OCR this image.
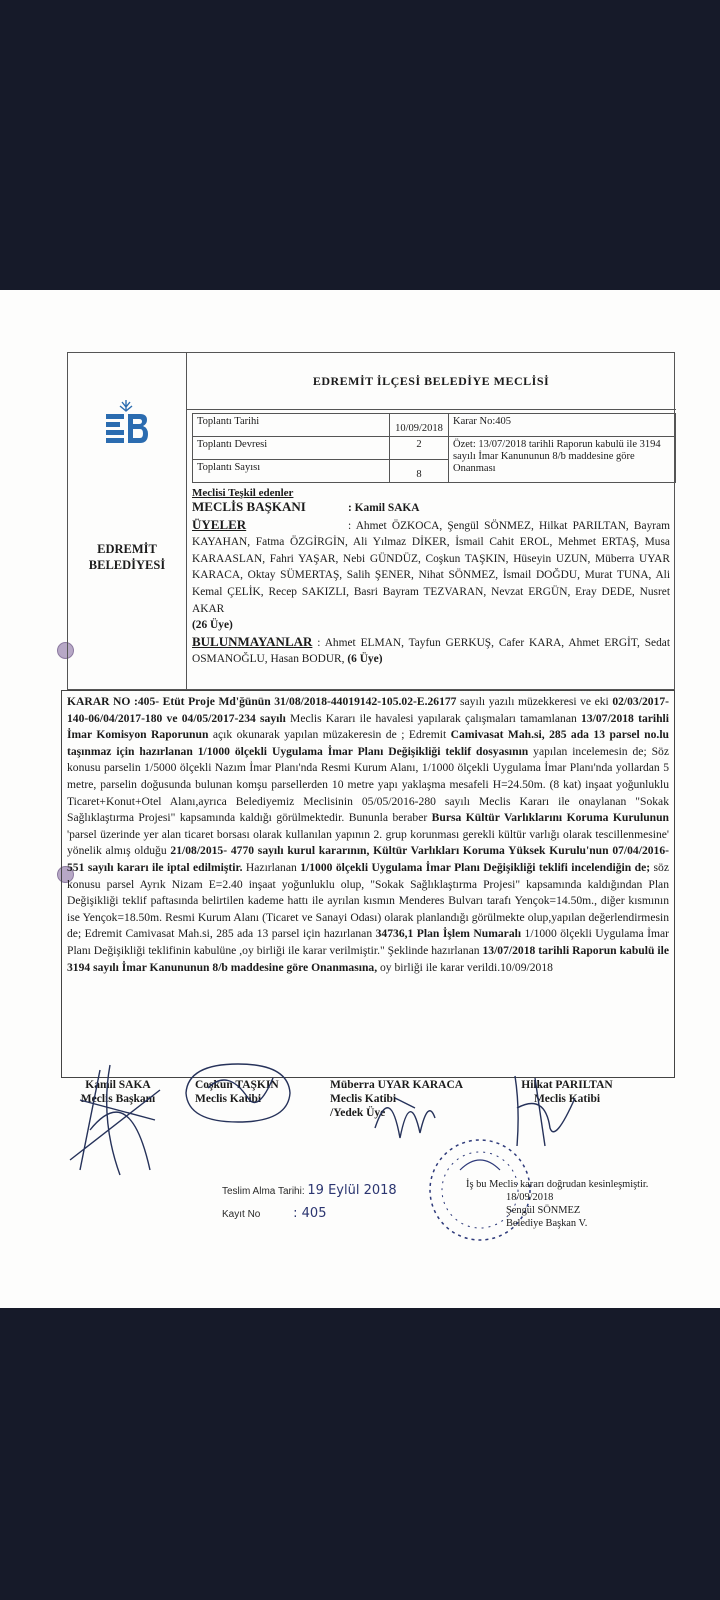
EDREMİT
BELEDİYESİ
EDREMİT İLÇESİ BELEDİYE MECLİSİ
Toplantı Tarihi	10/09/2018	Karar No:405
Toplantı Devresi	2	Özet: 13/07/2018 tarihli Raporun kabulü ile 3194 sayılı İmar Kanununun 8/b maddesine göre Onanması
Toplantı Sayısı	8	
Meclisi Teşkil edenler
MECLİS BAŞKANI	: Kamil SAKA
ÜYELER	: Ahmet ÖZKOCA, Şengül SÖNMEZ, Hilkat PARILTAN, Bayram KAYAHAN, Fatma ÖZGİRGİN, Ali Yılmaz DİKER, İsmail Cahit EROL, Mehmet ERTAŞ, Musa KARAASLAN, Fahri YAŞAR, Nebi GÜNDÜZ, Coşkun TAŞKIN, Hüseyin UZUN, Müberra UYAR KARACA, Oktay SÜMERTAŞ, Salih ŞENER, Nihat SÖNMEZ, İsmail DOĞDU, Murat TUNA, Ali Kemal ÇELİK, Recep SAKIZLI, Basri Bayram TEZVARAN, Nevzat ERGÜN, Eray DEDE, Nusret AKAR
(26 Üye)
BULUNMAYANLAR : Ahmet ELMAN, Tayfun GERKUŞ, Cafer KARA, Ahmet ERGİT, Sedat OSMANOĞLU, Hasan BODUR, (6 Üye)
KARAR NO :405- Etüt Proje Md'ğünün 31/08/2018-44019142-105.02-E.26177 sayılı yazılı müzekkeresi ve eki 02/03/2017-140-06/04/2017-180 ve 04/05/2017-234 sayılı Meclis Kararı ile havalesi yapılarak çalışmaları tamamlanan 13/07/2018 tarihli İmar Komisyon Raporunun açık okunarak yapılan müzakeresin de ; Edremit Camivasat Mah.si, 285 ada 13 parsel no.lu taşınmaz için hazırlanan 1/1000 ölçekli Uygulama İmar Planı Değişikliği teklif dosyasının yapılan incelemesin de; Söz konusu parselin 1/5000 ölçekli Nazım İmar Planı'nda Resmi Kurum Alanı, 1/1000 ölçekli Uygulama İmar Planı'nda yollardan 5 metre, parselin doğusunda bulunan komşu parsellerden 10 metre yapı yaklaşma mesafeli H=24.50m. (8 kat) inşaat yoğunluklu Ticaret+Konut+Otel Alanı,ayrıca Belediyemiz Meclisinin 05/05/2016-280 sayılı Meclis Kararı ile onaylanan "Sokak Sağlıklaştırma Projesi" kapsamında kaldığı görülmektedir. Bununla beraber Bursa Kültür Varlıklarını Koruma Kurulunun 'parsel üzerinde yer alan ticaret borsası olarak kullanılan yapının 2. grup korunması gerekli kültür varlığı olarak tescillenmesine' yönelik almış olduğu 21/08/2015- 4770 sayılı kurul kararının, Kültür Varlıkları Koruma Yüksek Kurulu'nun 07/04/2016- 551 sayılı kararı ile iptal edilmiştir. Hazırlanan 1/1000 ölçekli Uygulama İmar Planı Değişikliği teklifi incelendiğin de; söz konusu parsel Ayrık Nizam E=2.40 inşaat yoğunluklu olup, "Sokak Sağlıklaştırma Projesi" kapsamında kaldığından Plan Değişikliği teklif paftasında belirtilen kademe hattı ile ayrılan kısmın Menderes Bulvarı tarafı Yençok=14.50m., diğer kısmının ise Yençok=18.50m. Resmi Kurum Alanı (Ticaret ve Sanayi Odası) olarak planlandığı görülmekte olup,yapılan değerlendirmesin de; Edremit Camivasat Mah.si, 285 ada 13 parsel için hazırlanan 34736,1 Plan İşlem Numaralı 1/1000 ölçekli Uygulama İmar Planı Değişikliği teklifinin kabulüne ,oy birliği ile karar verilmiştir." Şeklinde hazırlanan 13/07/2018 tarihli Raporun kabulü ile 3194 sayılı İmar Kanununun 8/b maddesine göre Onanmasına, oy birliği ile karar verildi.10/09/2018
Kamil SAKA
Meclis Başkanı
Coşkun TAŞKIN
Meclis Katibi
Müberra UYAR KARACA
Meclis Katibi
/Yedek Üye
Hilkat PARILTAN
Meclis Katibi
İş bu Meclis kararı doğrudan kesinleşmiştir.
18/09/2018
Şengül SÖNMEZ
Belediye Başkan V.
Teslim Alma Tarihi: 19 Eylül 2018
Kayıt No	: 405
